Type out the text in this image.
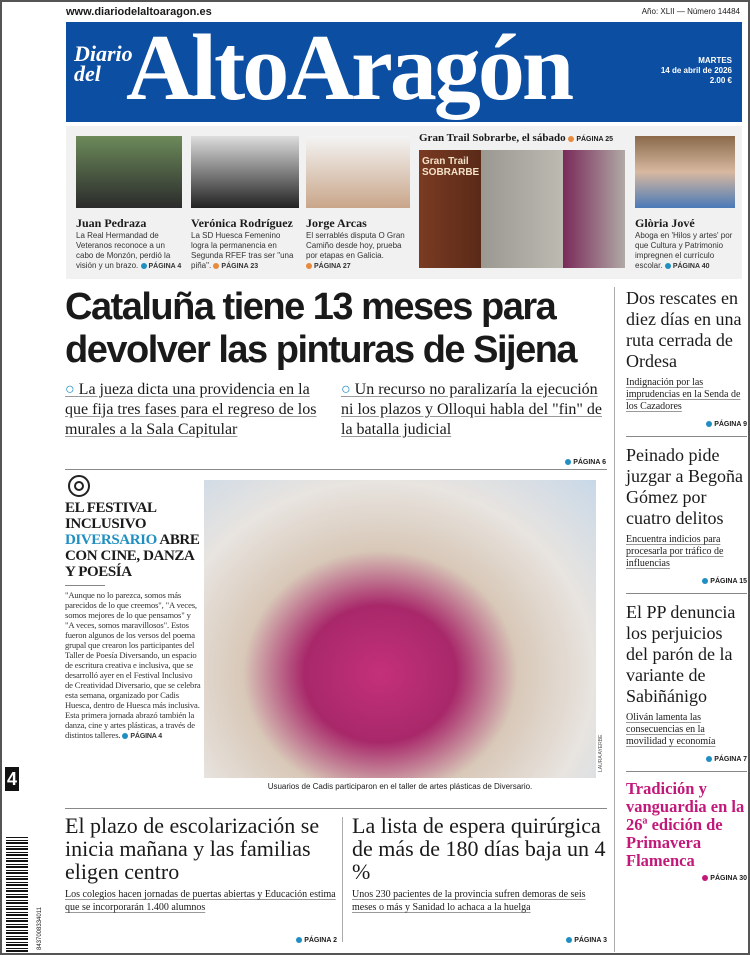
www.diariodelaltoaragon.es	Año: XLII — Número 14484
Diario
del AltoAragón	MARTES
14 de abril de 2026
2.00 €
Juan Pedraza
La Real Hermandad de Veteranos reconoce a un cabo de Monzón, perdió la visión y un brazo. PÁGINA 4
Verónica Rodríguez
La SD Huesca Femenino logra la permanencia en Segunda RFEF tras ser "una piña". PÁGINA 23
Jorge Arcas
El serrablés disputa O Gran Camiño desde hoy, prueba por etapas en Galicia. PÁGINA 27
Gran Trail Sobrarbe, el sábado PÁGINA 25
Gran Trail SOBRARBE
Glòria Jové
Aboga en 'Hilos y artes' por que Cultura y Patrimonio impregnen el currículo escolar. PÁGINA 40
Cataluña tiene 13 meses para devolver las pinturas de Sijena
○ La jueza dicta una providencia en la que fija tres fases para el regreso de los murales a la Sala Capitular
○ Un recurso no paralizaría la ejecución ni los plazos y Olloqui habla del "fin" de la batalla judicial
PÁGINA 6
EL FESTIVAL INCLUSIVO DIVERSARIO ABRE CON CINE, DANZA Y POESÍA
"Aunque no lo parezca, somos más parecidos de lo que creemos", "A veces, somos mejores de lo que pensamos" y "A veces, somos maravillosos". Estos fueron algunos de los versos del poema grupal que crearon los participantes del Taller de Poesía Diversando, un espacio de escritura creativa e inclusiva, que se desarrolló ayer en el Festival Inclusivo de Creatividad Diversario, que se celebra esta semana, organizado por Cadis Huesca, dentro de Huesca más inclusiva. Esta primera jornada abrazó también la danza, cine y artes plásticas, a través de distintos talleres. PÁGINA 4	LAURA AYERBE
Usuarios de Cadis participaron en el taller de artes plásticas de Diversario.
El plazo de escolarización se inicia mañana y las familias eligen centro
Los colegios hacen jornadas de puertas abiertas y Educación estima que se incorporarán 1.400 alumnos
PÁGINA 2
La lista de espera quirúrgica de más de 180 días baja un 4 %
Unos 230 pacientes de la provincia sufren demoras de seis meses o más y Sanidad lo achaca a la huelga
PÁGINA 3
Dos rescates en diez días en una ruta cerrada de Ordesa
Indignación por las imprudencias en la Senda de los Cazadores
PÁGINA 9
Peinado pide juzgar a Begoña Gómez por cuatro delitos
Encuentra indicios para procesarla por tráfico de influencias
PÁGINA 15
El PP denuncia los perjuicios del parón de la variante de Sabiñánigo
Oliván lamenta las consecuencias en la movilidad y economía
PÁGINA 7
Tradición y vanguardia en la 26ª edición de Primavera Flamenca
PÁGINA 30
4
8437008334011
